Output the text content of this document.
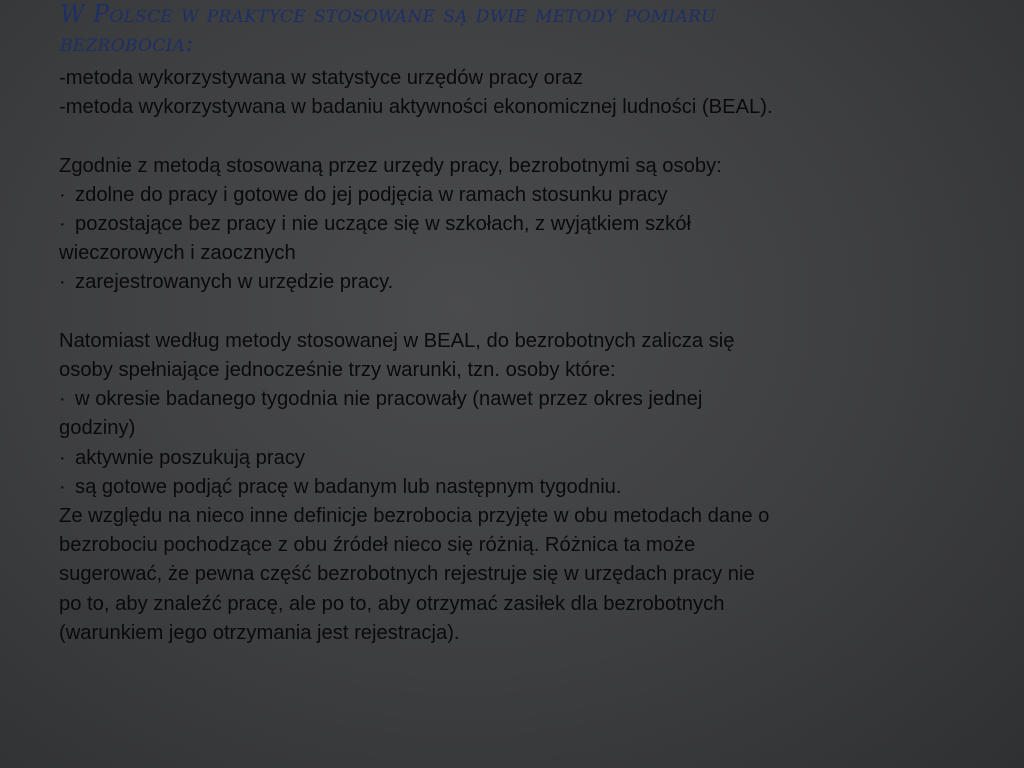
W Polsce w praktyce stosowane są dwie metody pomiaru
bezrobocia:
-metoda wykorzystywana w statystyce urzędów pracy oraz
-metoda wykorzystywana w badaniu aktywności ekonomicznej ludności (BEAL).
Zgodnie z metodą stosowaną przez urzędy pracy, bezrobotnymi są osoby:
· zdolne do pracy i gotowe do jej podjęcia w ramach stosunku pracy
· pozostające bez pracy i nie uczące się w szkołach, z wyjątkiem szkół
wieczorowych i zaocznych
· zarejestrowanych w urzędzie pracy.
Natomiast według metody stosowanej w BEAL, do bezrobotnych zalicza się
osoby spełniające jednocześnie trzy warunki, tzn. osoby które:
· w okresie badanego tygodnia nie pracowały (nawet przez okres jednej
godziny)
· aktywnie poszukują pracy
· są gotowe podjąć pracę w badanym lub następnym tygodniu.
Ze względu na nieco inne definicje bezrobocia przyjęte w obu metodach dane o
bezrobociu pochodzące z obu źródeł nieco się różnią. Różnica ta może
sugerować, że pewna część bezrobotnych rejestruje się w urzędach pracy nie
po to, aby znaleźć pracę, ale po to, aby otrzymać zasiłek dla bezrobotnych
(warunkiem jego otrzymania jest rejestracja).
